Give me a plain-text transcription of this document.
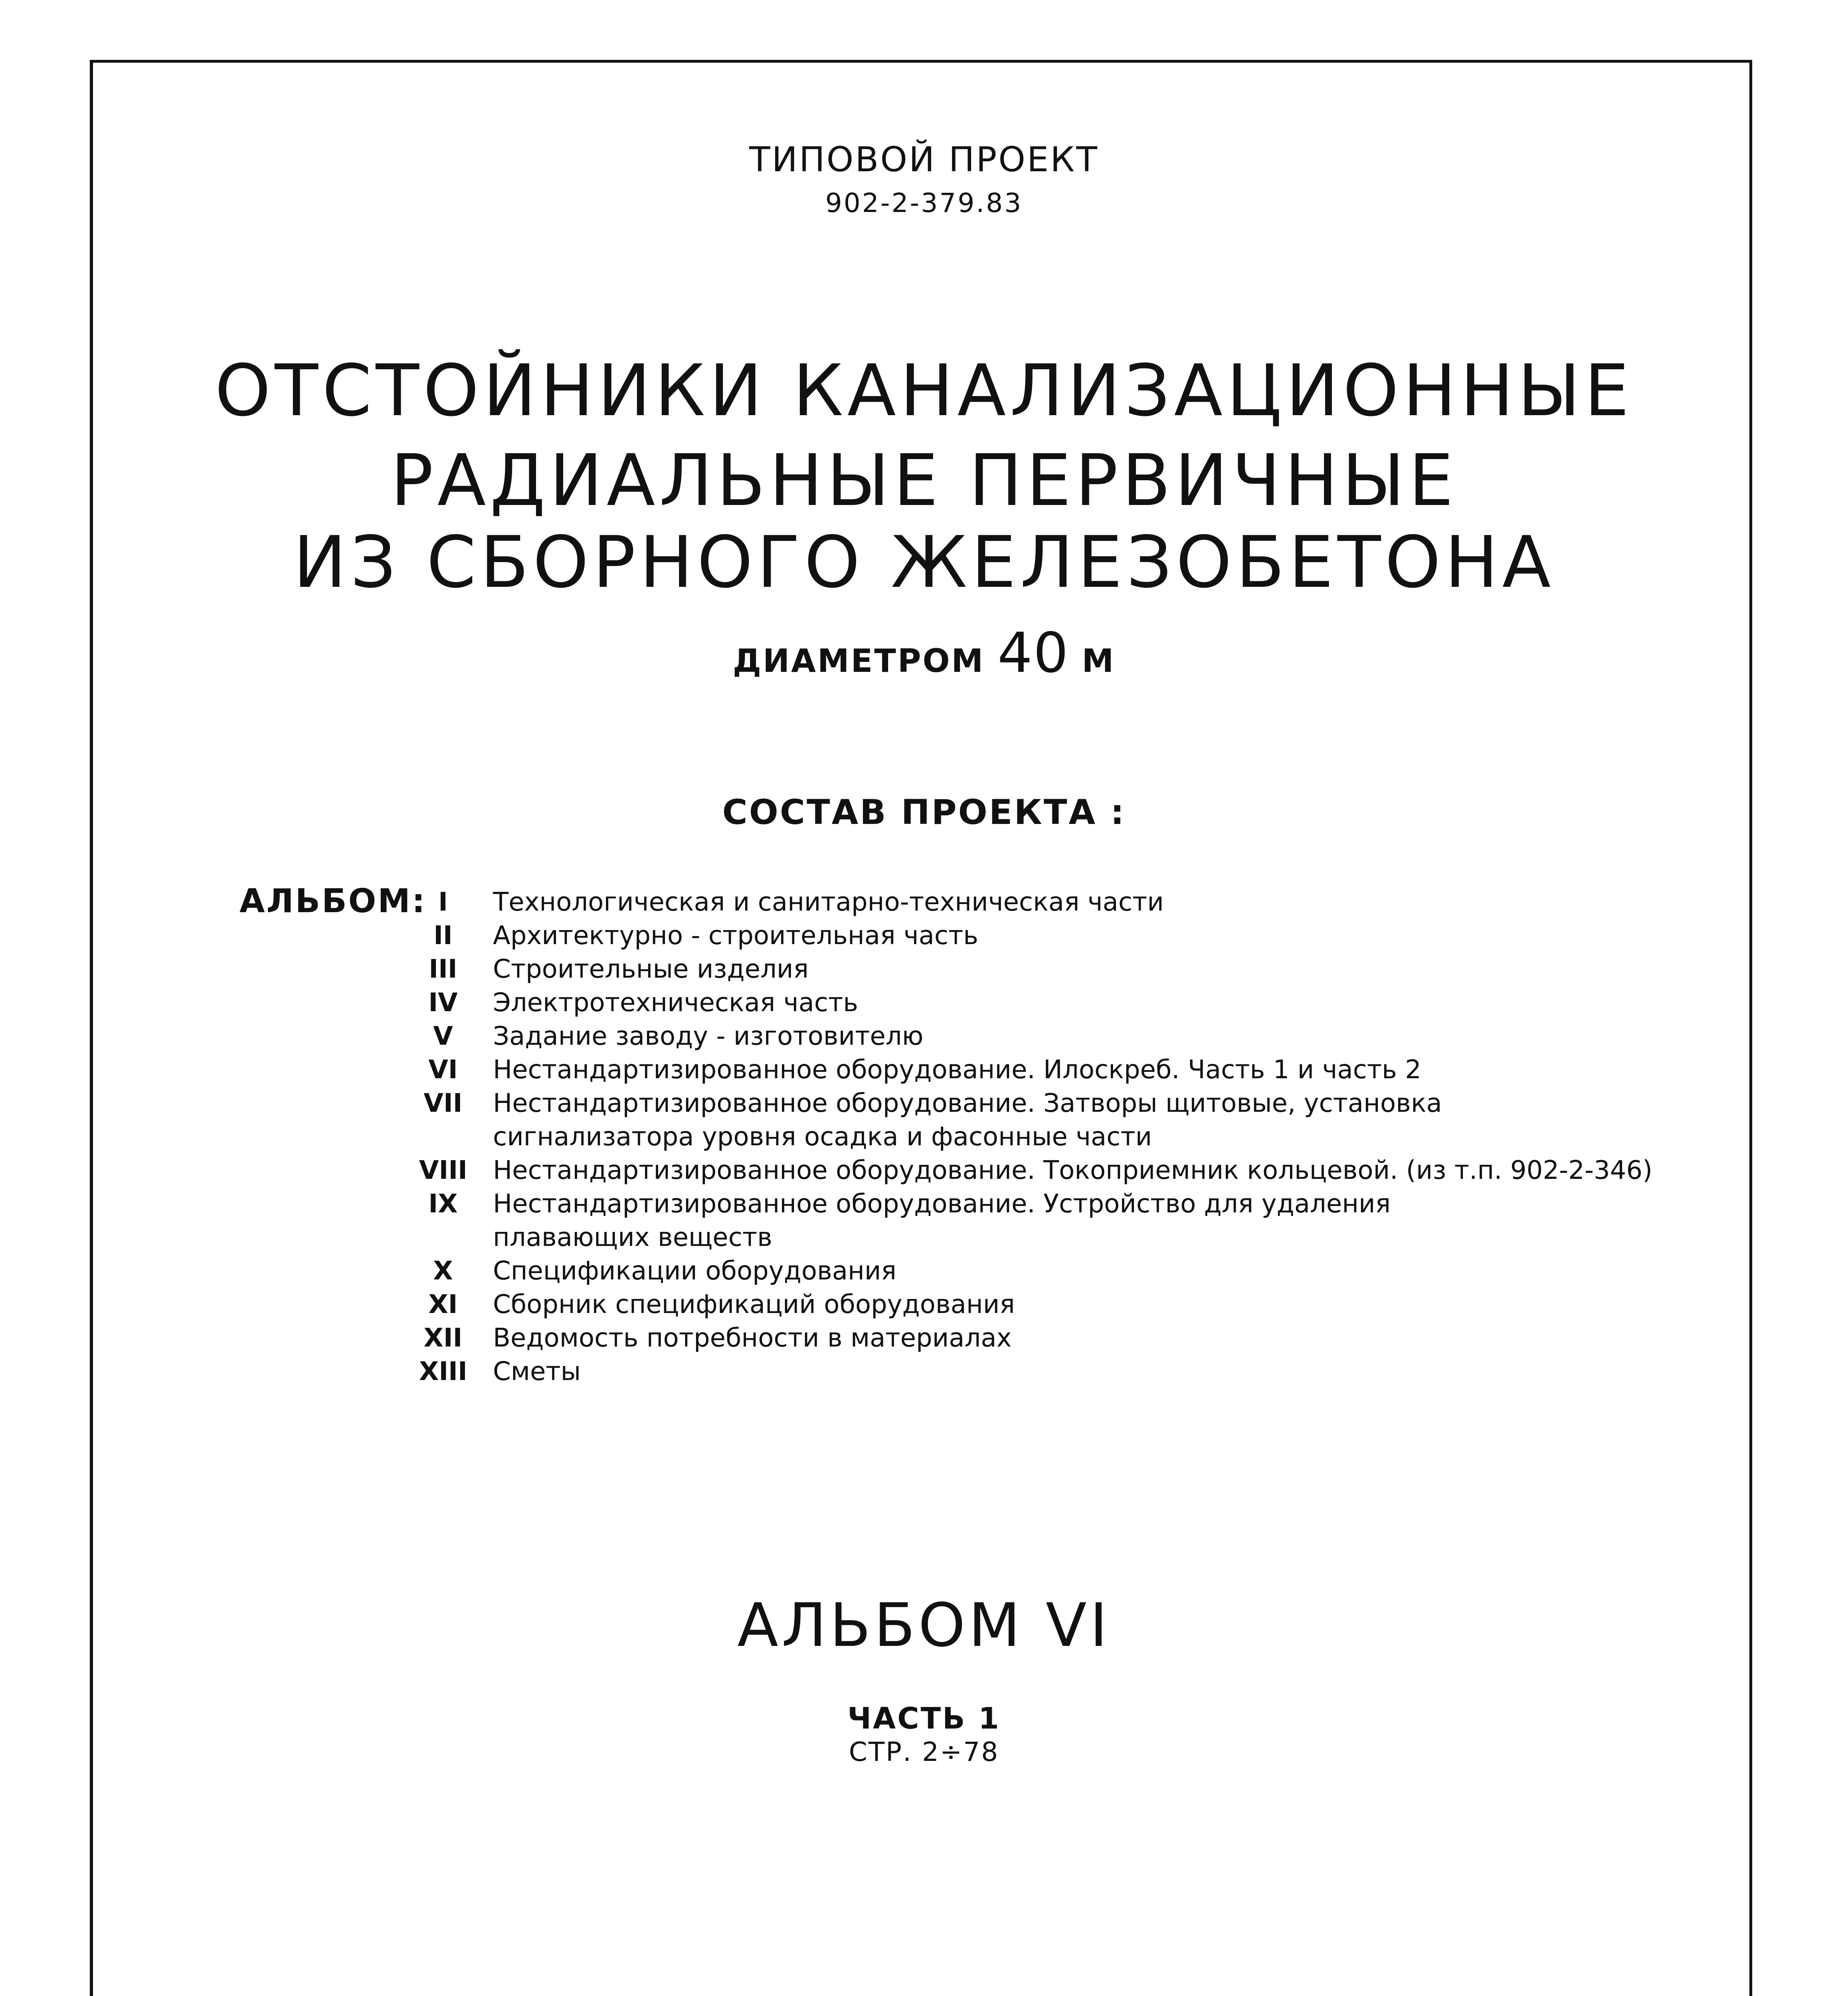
ТИПОВОЙ ПРОЕКТ
902-2-379.83
ОТСТОЙНИКИ КАНАЛИЗАЦИОННЫЕ
РАДИАЛЬНЫЕ ПЕРВИЧНЫЕ
ИЗ СБОРНОГО ЖЕЛЕЗОБЕТОНА
ДИАМЕТРОМ 40 М
СОСТАВ ПРОЕКТА :
АЛЬБОМ: I	Технологическая и санитарно-техническая части
II	Архитектурно - строительная часть
III	Строительные изделия
IV	Электротехническая часть
V	Задание заводу - изготовителю
VI	Нестандартизированное оборудование. Илоскреб. Часть 1 и часть 2
VII Нестандартизированное оборудование. Затворы щитовые, установка
сигнализатора уровня осадка и фасонные части
VIII Нестандартизированное оборудование. Токоприемник кольцевой. (из т.п. 902-2-346)
IX	Нестандартизированное оборудование. Устройство для удаления
плавающих веществ
X	Спецификации оборудования
XI	Сборник спецификаций оборудования
XII Ведомость потребности в материалах
XIII Сметы
АЛЬБОМ VI
ЧАСТЬ 1
СТР. 2÷78
